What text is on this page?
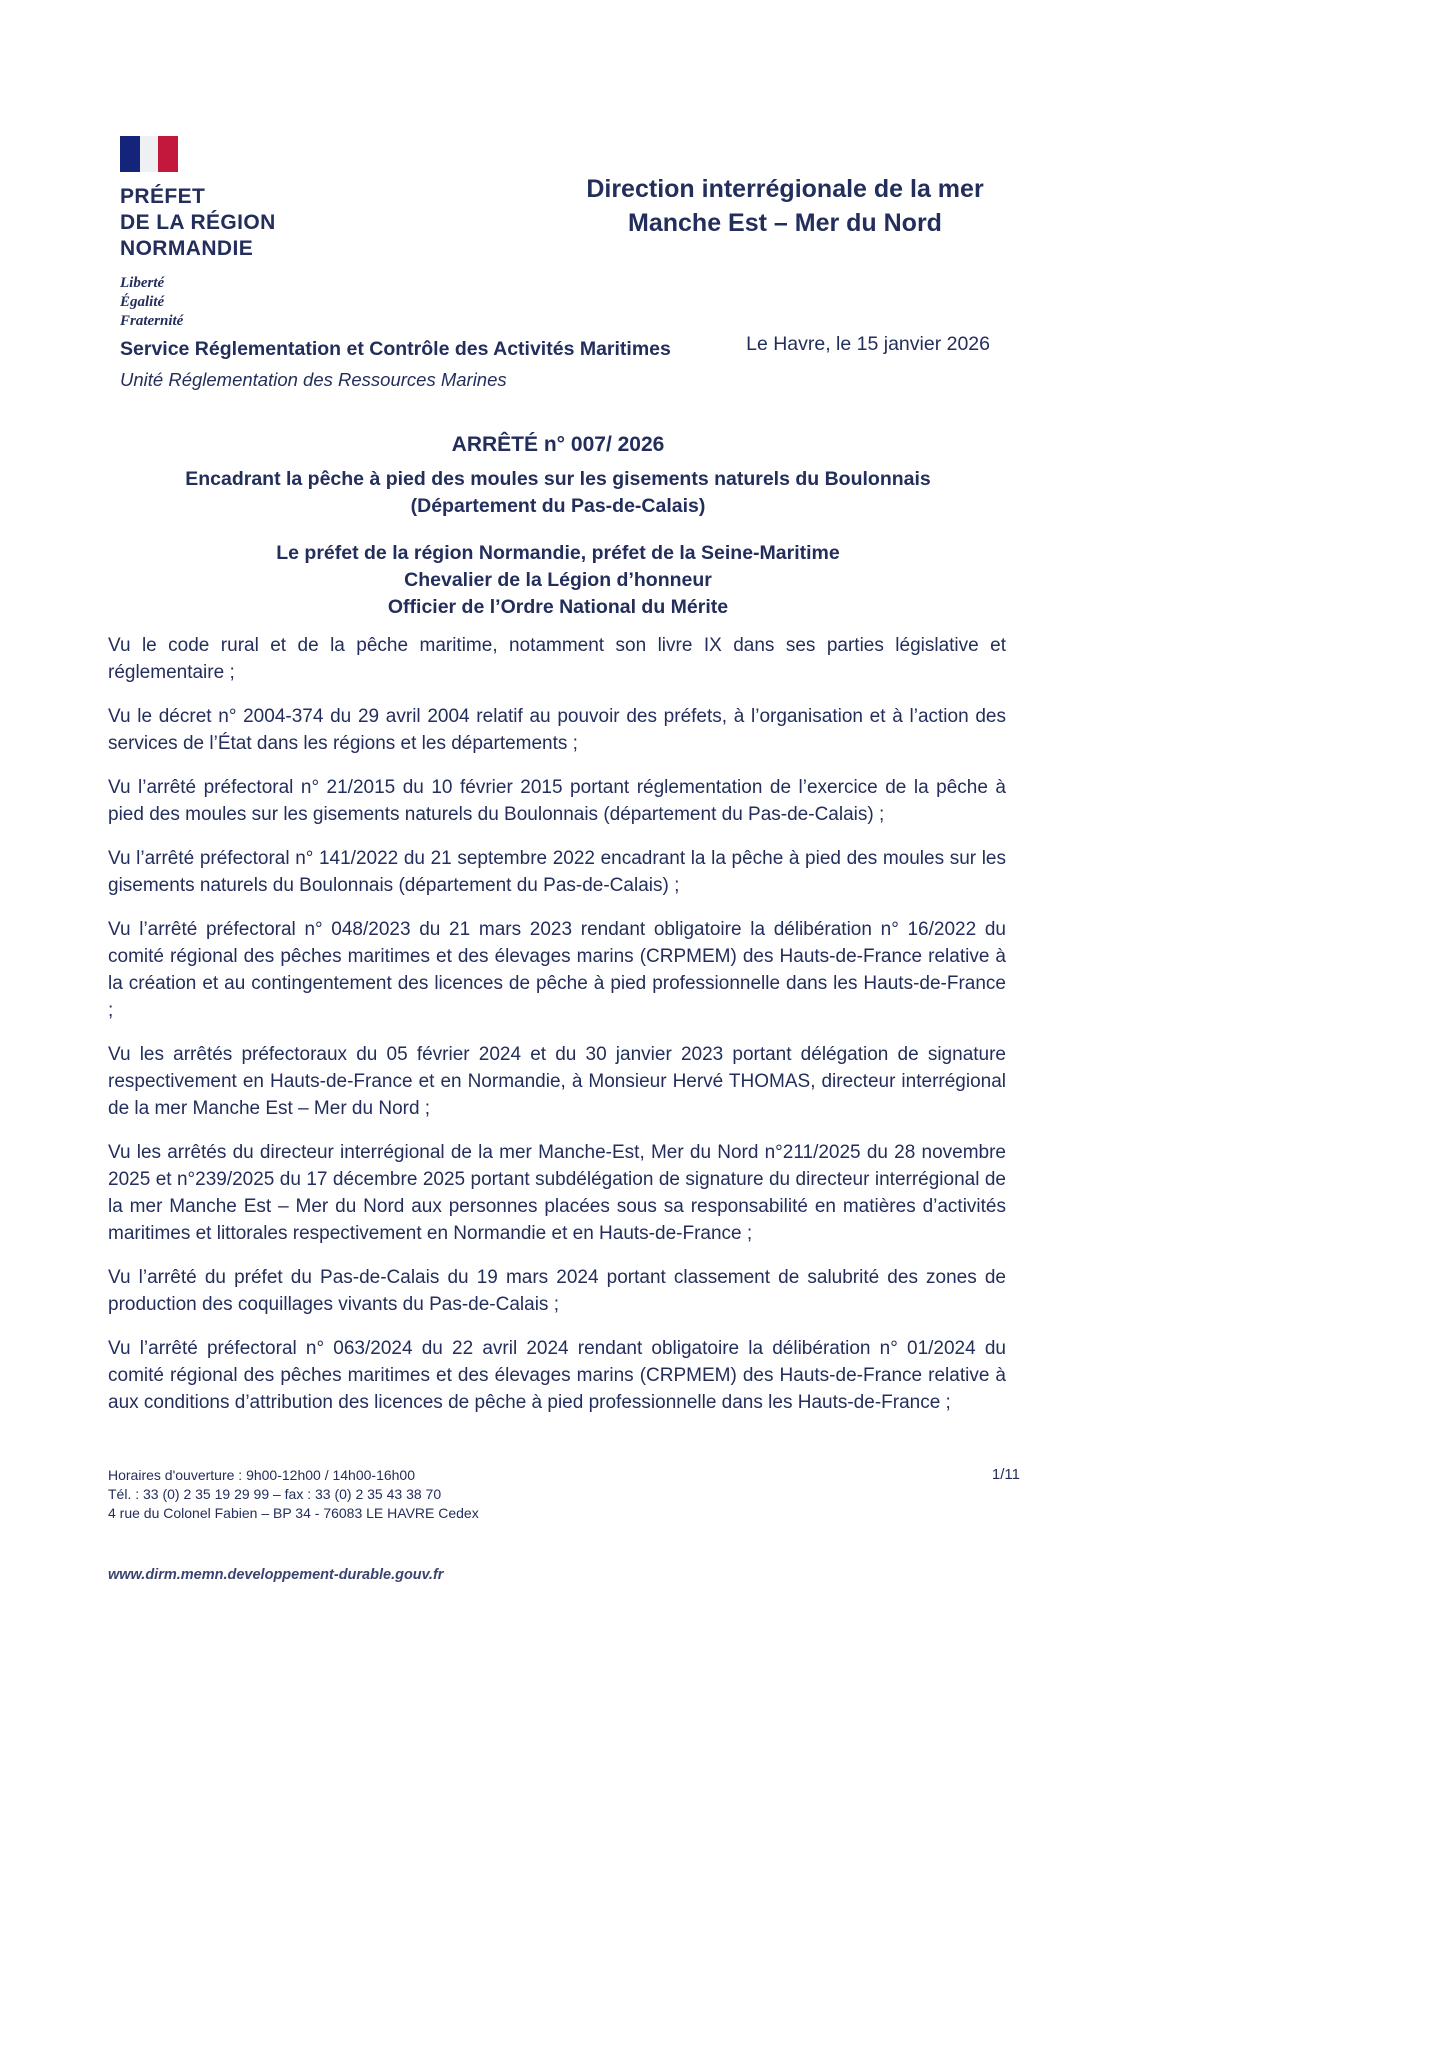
PRÉFET
DE LA RÉGION
NORMANDIE
Liberté
Égalité
Fraternité
Direction interrégionale de la mer
Manche Est – Mer du Nord
Service Réglementation et Contrôle des Activités Maritimes
Unité Réglementation des Ressources Marines
Le Havre, le 15 janvier 2026
ARRÊTÉ n° 007/ 2026
Encadrant la pêche à pied des moules sur les gisements naturels du Boulonnais
(Département du Pas-de-Calais)
Le préfet de la région Normandie, préfet de la Seine-Maritime
Chevalier de la Légion d’honneur
Officier de l’Ordre National du Mérite

Vu le code rural et de la pêche maritime, notamment son livre IX dans ses parties législative et réglementaire ;

Vu le décret n° 2004-374 du 29 avril 2004 relatif au pouvoir des préfets, à l’organisation et à l’action des services de l’État dans les régions et les départements ;

Vu l’arrêté préfectoral n° 21/2015 du 10 février 2015 portant réglementation de l’exercice de la pêche à pied des moules sur les gisements naturels du Boulonnais (département du Pas-de-Calais) ;

Vu l’arrêté préfectoral n° 141/2022 du 21 septembre 2022 encadrant la la pêche à pied des moules sur les gisements naturels du Boulonnais (département du Pas-de-Calais) ;

Vu l’arrêté préfectoral n° 048/2023 du 21 mars 2023 rendant obligatoire la délibération n° 16/2022 du comité régional des pêches maritimes et des élevages marins (CRPMEM) des Hauts-de-France relative à la création et au contingentement des licences de pêche à pied professionnelle dans les Hauts-de-France ;

Vu les arrêtés préfectoraux du 05 février 2024 et du 30 janvier 2023 portant délégation de signature respectivement en Hauts-de-France et en Normandie, à Monsieur Hervé THOMAS, directeur interrégional de la mer Manche Est – Mer du Nord ;

Vu les arrêtés du directeur interrégional de la mer Manche-Est, Mer du Nord n°211/2025 du 28 novembre 2025 et n°239/2025 du 17 décembre 2025 portant subdélégation de signature du directeur interrégional de la mer Manche Est – Mer du Nord aux personnes placées sous sa responsabilité en matières d’activités maritimes et littorales respectivement en Normandie et en Hauts-de-France ;

Vu l’arrêté du préfet du Pas-de-Calais du 19 mars 2024 portant classement de salubrité des zones de production des coquillages vivants du Pas-de-Calais ;

Vu l’arrêté préfectoral n° 063/2024 du 22 avril 2024 rendant obligatoire la délibération n° 01/2024 du comité régional des pêches maritimes et des élevages marins (CRPMEM) des Hauts-de-France relative à aux conditions d’attribution des licences de pêche à pied professionnelle dans les Hauts-de-France ;

Horaires d'ouverture : 9h00-12h00 / 14h00-16h00
Tél. : 33 (0) 2 35 19 29 99 – fax : 33 (0) 2 35 43 38 70
4 rue du Colonel Fabien – BP 34 - 76083 LE HAVRE Cedex
1/11
www.dirm.memn.developpement-durable.gouv.fr
